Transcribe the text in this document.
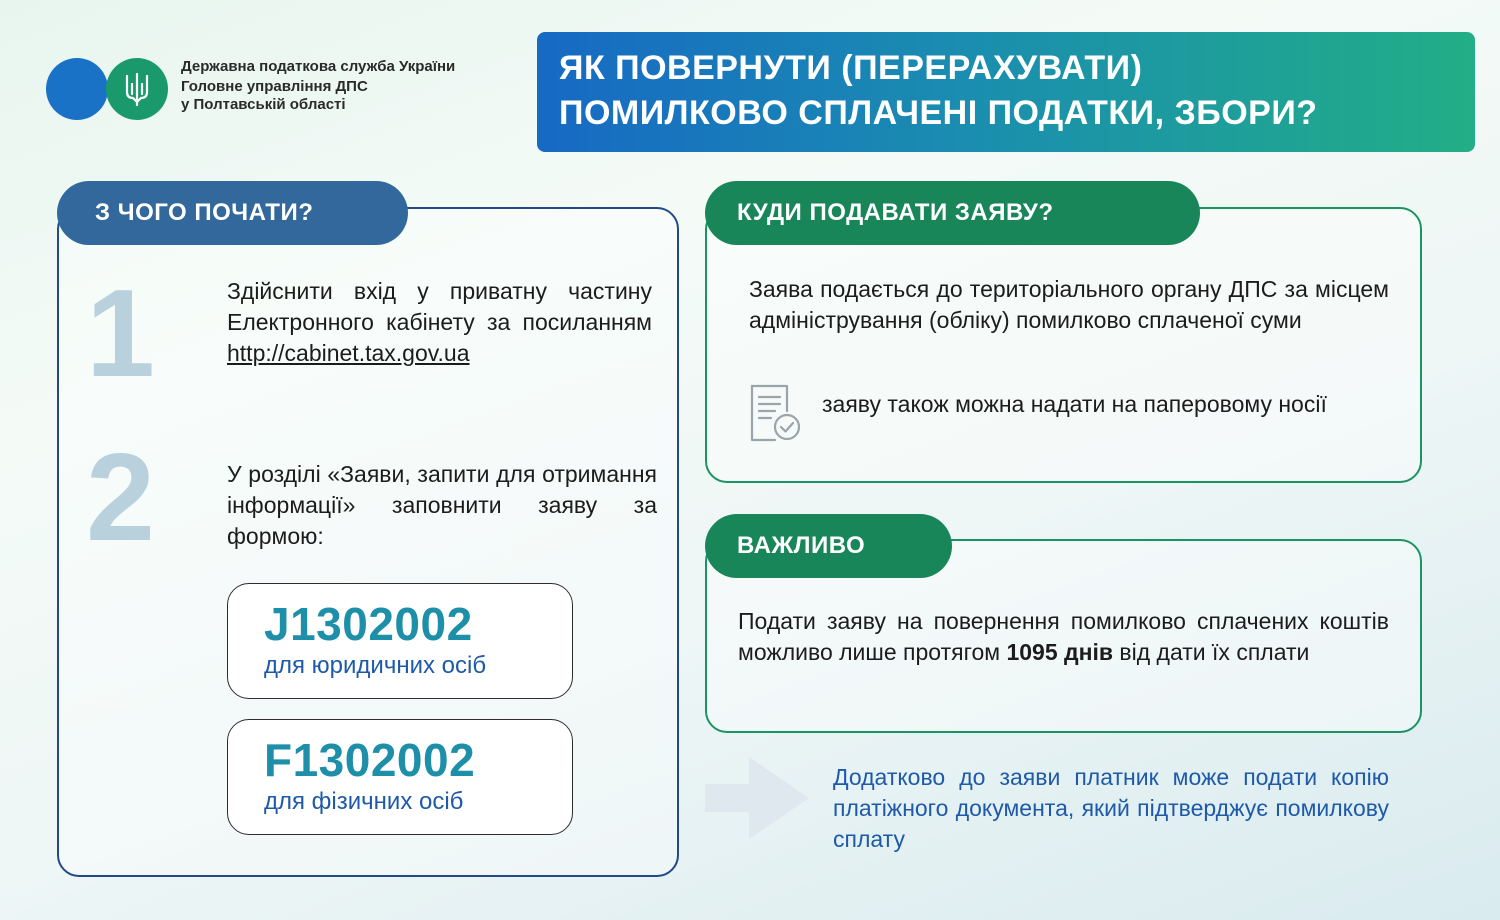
Державна податкова служба України
Головне управління ДПС
у Полтавській області
ЯК ПОВЕРНУТИ (ПЕРЕРАХУВАТИ)
ПОМИЛКОВО СПЛАЧЕНІ ПОДАТКИ, ЗБОРИ?
З ЧОГО ПОЧАТИ?
1	Здійснити вхід у приватну частину Електронного кабінету за посиланням http://cabinet.tax.gov.ua
2	У розділі «Заяви, запити для отримання інформації» заповнити заяву за формою:
J1302002
для юридичних осіб
F1302002
для фізичних осіб
КУДИ ПОДАВАТИ ЗАЯВУ?
Заява подається до територіального органу ДПС за місцем адміністрування (обліку) помилково сплаченої суми
заяву також можна надати на паперовому носії
ВАЖЛИВО
Подати заяву на повернення помилково сплачених коштів можливо лише протягом 1095 днів від дати їх сплати
Додатково до заяви платник може подати копію платіжного документа, який підтверджує помилкову сплату
